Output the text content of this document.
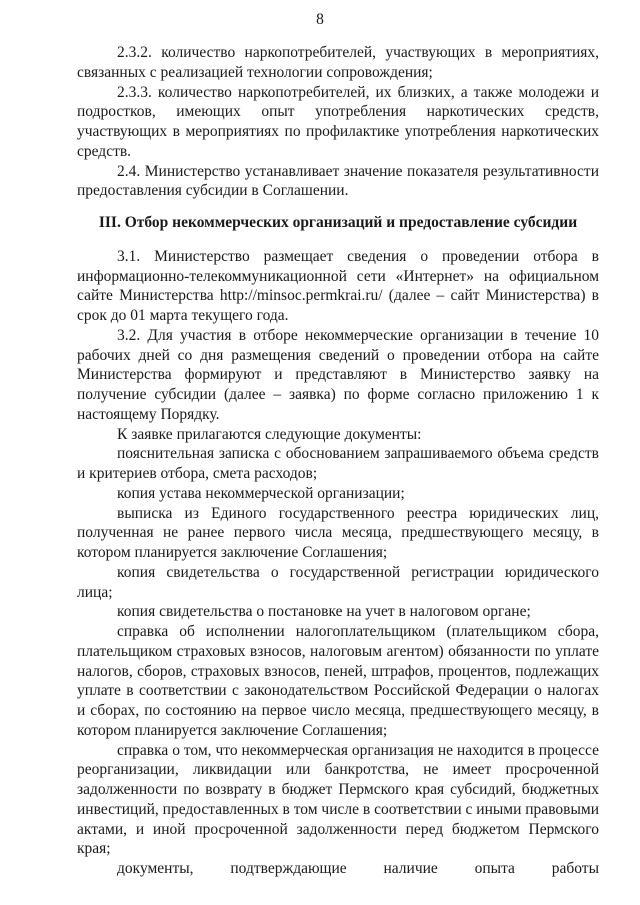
8

2.3.2. количество наркопотребителей, участвующих в мероприятиях, связанных с реализацией технологии сопровождения;

2.3.3. количество наркопотребителей, их близких, а также молодежи и подростков, имеющих опыт употребления наркотических средств, участвующих в мероприятиях по профилактике употребления наркотических средств.

2.4. Министерство устанавливает значение показателя результативности предоставления субсидии в Соглашении.

III. Отбор некоммерческих организаций и предоставление субсидии

3.1. Министерство размещает сведения о проведении отбора в информационно-телекоммуникационной сети «Интернет» на официальном сайте Министерства http://minsoc.permkrai.ru/ (далее – сайт Министерства) в срок до 01 марта текущего года.

3.2. Для участия в отборе некоммерческие организации в течение 10 рабочих дней со дня размещения сведений о проведении отбора на сайте Министерства формируют и представляют в Министерство заявку на получение субсидии (далее – заявка) по форме согласно приложению 1 к настоящему Порядку.

К заявке прилагаются следующие документы:

пояснительная записка с обоснованием запрашиваемого объема средств и критериев отбора, смета расходов;

копия устава некоммерческой организации;

выписка из Единого государственного реестра юридических лиц, полученная не ранее первого числа месяца, предшествующего месяцу, в котором планируется заключение Соглашения;

копия свидетельства о государственной регистрации юридического лица;

копия свидетельства о постановке на учет в налоговом органе;

справка об исполнении налогоплательщиком (плательщиком сбора, плательщиком страховых взносов, налоговым агентом) обязанности по уплате налогов, сборов, страховых взносов, пеней, штрафов, процентов, подлежащих уплате в соответствии с законодательством Российской Федерации о налогах и сборах, по состоянию на первое число месяца, предшествующего месяцу, в котором планируется заключение Соглашения;

справка о том, что некоммерческая организация не находится в процессе реорганизации, ликвидации или банкротства, не имеет просроченной задолженности по возврату в бюджет Пермского края субсидий, бюджетных инвестиций, предоставленных в том числе в соответствии с иными правовыми актами, и иной просроченной задолженности перед бюджетом Пермского края;

документы, подтверждающие наличие опыта работы
